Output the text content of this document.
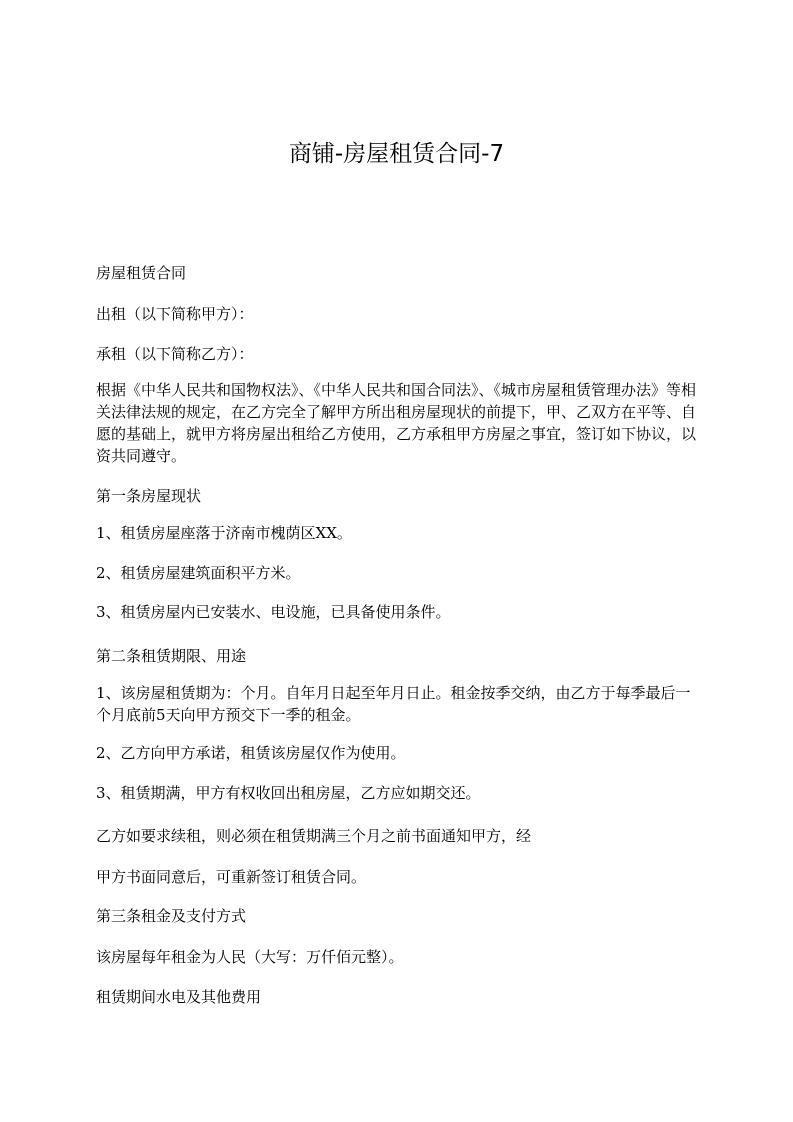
商铺-房屋租赁合同-7

房屋租赁合同

出租（以下简称甲方）：

承租（以下简称乙方）：

根据《中华人民共和国物权法》、《中华人民共和国合同法》、《城市房屋租赁管理办法》等相关法律法规的规定，在乙方完全了解甲方所出租房屋现状的前提下，甲、乙双方在平等、自愿的基础上，就甲方将房屋出租给乙方使用，乙方承租甲方房屋之事宜，签订如下协议，以资共同遵守。

第一条房屋现状

1、租赁房屋座落于济南市槐荫区XX。

2、租赁房屋建筑面积平方米。

3、租赁房屋内已安装水、电设施，已具备使用条件。

第二条租赁期限、用途

1、该房屋租赁期为：个月。自年月日起至年月日止。租金按季交纳，由乙方于每季最后一个月底前5天向甲方预交下一季的租金。

2、乙方向甲方承诺，租赁该房屋仅作为使用。

3、租赁期满，甲方有权收回出租房屋，乙方应如期交还。

乙方如要求续租，则必须在租赁期满三个月之前书面通知甲方，经

甲方书面同意后，可重新签订租赁合同。

第三条租金及支付方式

该房屋每年租金为人民（大写：万仟佰元整）。

租赁期间水电及其他费用
